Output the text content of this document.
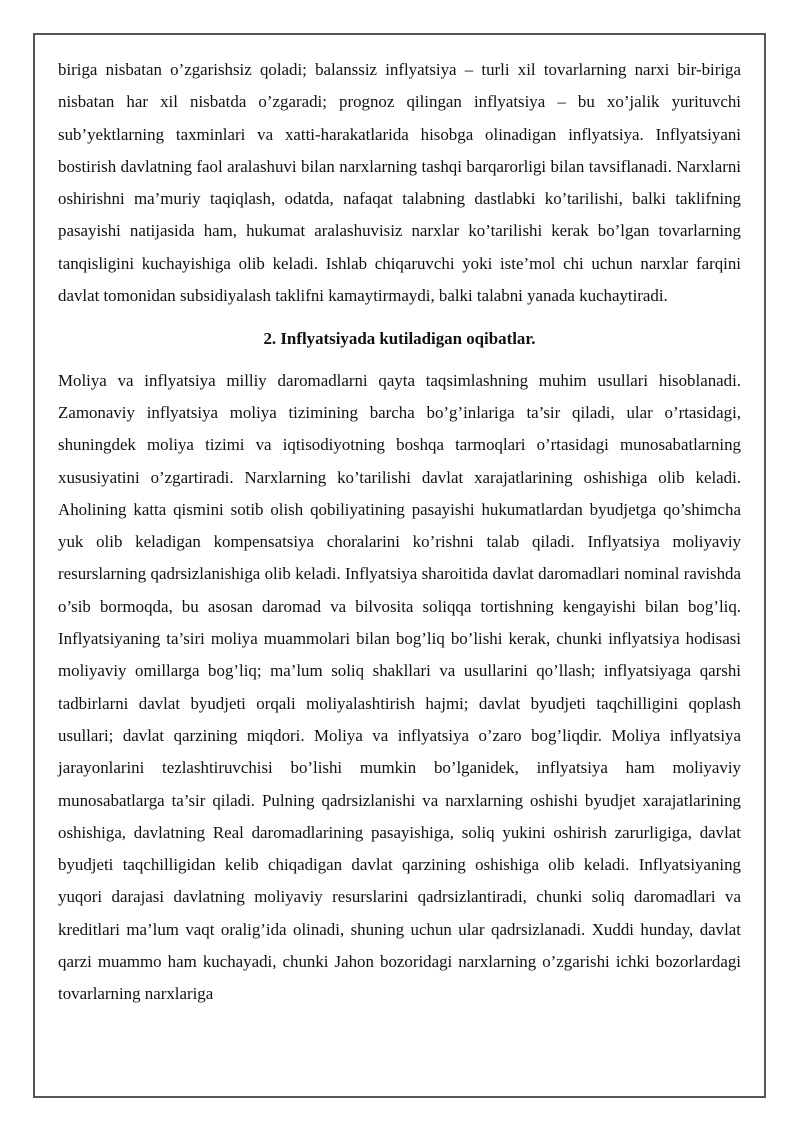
biriga nisbatan o’zgarishsiz qoladi; balanssiz inflyatsiya – turli xil tovarlarning narxi bir-biriga nisbatan har xil nisbatda o’zgaradi; prognoz qilingan inflyatsiya – bu xo’jalik yurituvchi sub’yektlarning taxminlari va xatti-harakatlarida hisobga olinadigan inflyatsiya. Inflyatsiyani bostirish davlatning faol aralashuvi bilan narxlarning tashqi barqarorligi bilan tavsiflanadi. Narxlarni oshirishni ma’muriy taqiqlash, odatda, nafaqat talabning dastlabki ko’tarilishi, balki taklifning pasayishi natijasida ham, hukumat aralashuvisiz narxlar ko’tarilishi kerak bo’lgan tovarlarning tanqisligini kuchayishiga olib keladi. Ishlab chiqaruvchi yoki iste’mol chi uchun narxlar farqini davlat tomonidan subsidiyalash taklifni kamaytirmaydi, balki talabni yanada kuchaytiradi.

2. Inflyatsiyada kutiladigan oqibatlar.

Moliya va inflyatsiya milliy daromadlarni qayta taqsimlashning muhim usullari hisoblanadi. Zamonaviy inflyatsiya moliya tizimining barcha bo’g’inlariga ta’sir qiladi, ular o’rtasidagi, shuningdek moliya tizimi va iqtisodiyotning boshqa tarmoqlari o’rtasidagi munosabatlarning xususiyatini o’zgartiradi. Narxlarning ko’tarilishi davlat xarajatlarining oshishiga olib keladi. Aholining katta qismini sotib olish qobiliyatining pasayishi hukumatlardan byudjetga qo’shimcha yuk olib keladigan kompensatsiya choralarini ko’rishni talab qiladi. Inflyatsiya moliyaviy resurslarning qadrsizlanishiga olib keladi. Inflyatsiya sharoitida davlat daromadlari nominal ravishda o’sib bormoqda, bu asosan daromad va bilvosita soliqqa tortishning kengayishi bilan bog’liq. Inflyatsiyaning ta’siri moliya muammolari bilan bog’liq bo’lishi kerak, chunki inflyatsiya hodisasi moliyaviy omillarga bog’liq; ma’lum soliq shakllari va usullarini qo’llash; inflyatsiyaga qarshi tadbirlarni davlat byudjeti orqali moliyalashtirish hajmi; davlat byudjeti taqchilligini qoplash usullari; davlat qarzining miqdori. Moliya va inflyatsiya o’zaro bog’liqdir. Moliya inflyatsiya jarayonlarini tezlashtiruvchisi bo’lishi mumkin bo’lganidek, inflyatsiya ham moliyaviy munosabatlarga ta’sir qiladi. Pulning qadrsizlanishi va narxlarning oshishi byudjet xarajatlarining oshishiga, davlatning Real daromadlarining pasayishiga, soliq yukini oshirish zarurligiga, davlat byudjeti taqchilligidan kelib chiqadigan davlat qarzining oshishiga olib keladi. Inflyatsiyaning yuqori darajasi davlatning moliyaviy resurslarini qadrsizlantiradi, chunki soliq daromadlari va kreditlari ma’lum vaqt oralig’ida olinadi, shuning uchun ular qadrsizlanadi. Xuddi hunday, davlat qarzi muammo ham kuchayadi, chunki Jahon bozoridagi narxlarning o’zgarishi ichki bozorlardagi tovarlarning narxlariga
